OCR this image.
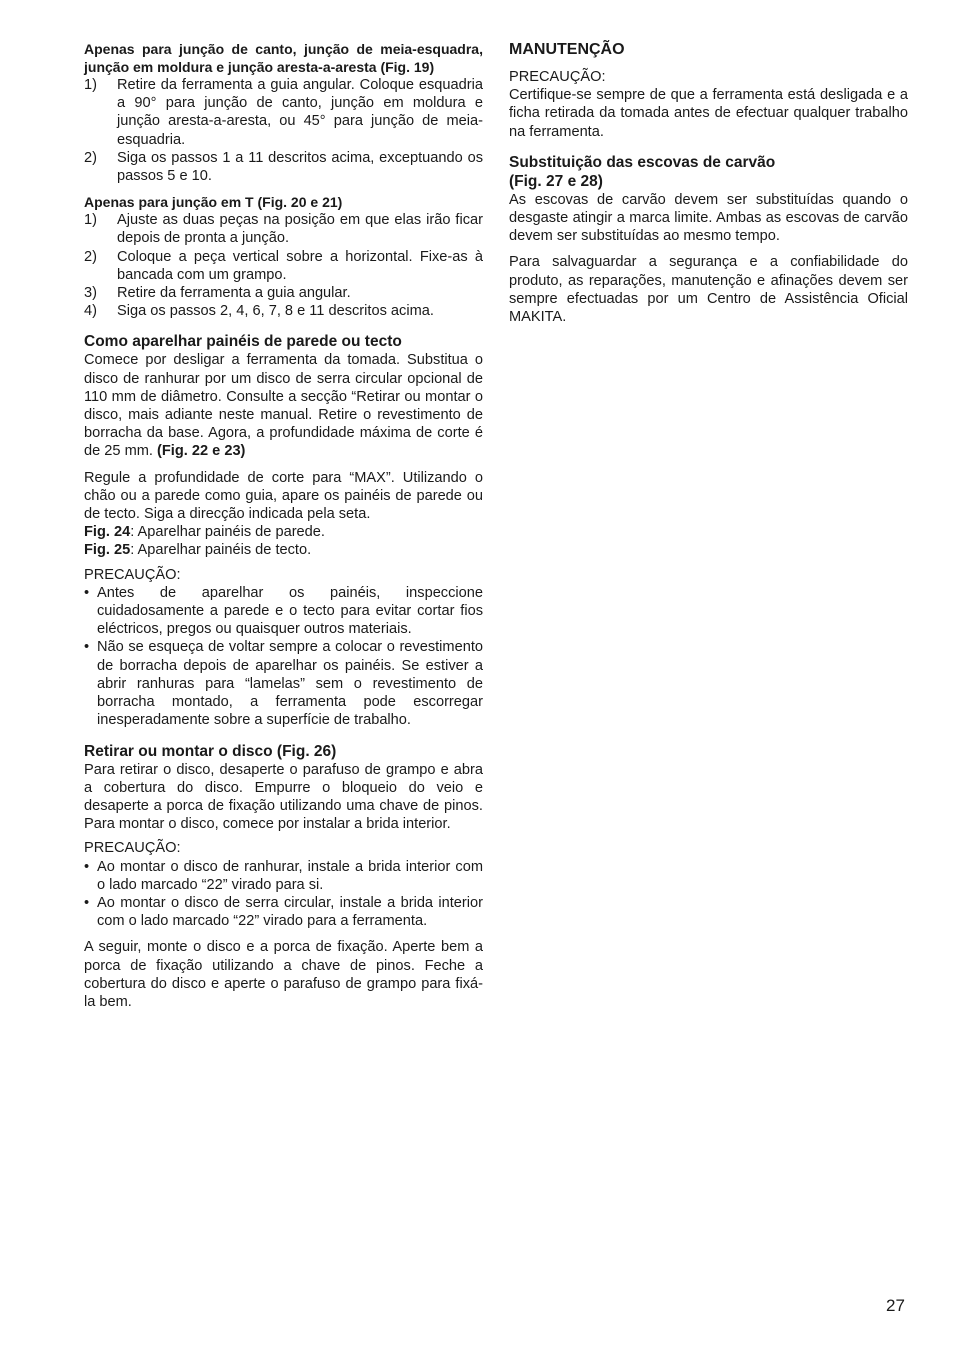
Apenas para junção de canto, junção de meia-esquadra, junção em moldura e junção aresta-a-aresta (Fig. 19)
1)	Retire da ferramenta a guia angular. Coloque esquadria a 90° para junção de canto, junção em moldura e junção aresta-a-aresta, ou 45° para junção de meia-esquadria.
2)	Siga os passos 1 a 11 descritos acima, exceptuando os passos 5 e 10.
Apenas para junção em T (Fig. 20 e 21)
1)	Ajuste as duas peças na posição em que elas irão ficar depois de pronta a junção.
2)	Coloque a peça vertical sobre a horizontal. Fixe-as à bancada com um grampo.
3)	Retire da ferramenta a guia angular.
4)	Siga os passos 2, 4, 6, 7, 8 e 11 descritos acima.
Como aparelhar painéis de parede ou tecto

Comece por desligar a ferramenta da tomada. Substitua o disco de ranhurar por um disco de serra circular opcional de 110 mm de diâmetro. Consulte a secção “Retirar ou montar o disco, mais adiante neste manual. Retire o revestimento de borracha da base. Agora, a profundidade máxima de corte é de 25 mm. (Fig. 22 e 23)

Regule a profundidade de corte para “MAX”. Utilizando o chão ou a parede como guia, apare os painéis de parede ou de tecto. Siga a direcção indicada pela seta.

Fig. 24: Aparelhar painéis de parede.

Fig. 25: Aparelhar painéis de tecto.

PRECAUÇÃO:

• Antes de aparelhar os painéis, inspeccione cuidadosamente a parede e o tecto para evitar cortar fios eléctricos, pregos ou quaisquer outros materiais.
• Não se esqueça de voltar sempre a colocar o revestimento de borracha depois de aparelhar os painéis. Se estiver a abrir ranhuras para “lamelas” sem o revestimento de borracha montado, a ferramenta pode escorregar inesperadamente sobre a superfície de trabalho.
Retirar ou montar o disco (Fig. 26)

Para retirar o disco, desaperte o parafuso de grampo e abra a cobertura do disco. Empurre o bloqueio do veio e desaperte a porca de fixação utilizando uma chave de pinos. Para montar o disco, comece por instalar a brida interior.

PRECAUÇÃO:

• Ao montar o disco de ranhurar, instale a brida interior com o lado marcado “22” virado para si.
• Ao montar o disco de serra circular, instale a brida interior com o lado marcado “22” virado para a ferramenta.

A seguir, monte o disco e a porca de fixação. Aperte bem a porca de fixação utilizando a chave de pinos. Feche a cobertura do disco e aperte o parafuso de grampo para fixá-la bem.

MANUTENÇÃO

PRECAUÇÃO:

Certifique-se sempre de que a ferramenta está desligada e a ficha retirada da tomada antes de efectuar qualquer trabalho na ferramenta.

Substituição das escovas de carvão
(Fig. 27 e 28)

As escovas de carvão devem ser substituídas quando o desgaste atingir a marca limite. Ambas as escovas de carvão devem ser substituídas ao mesmo tempo.

Para salvaguardar a segurança e a confiabilidade do produto, as reparações, manutenção e afinações devem ser sempre efectuadas por um Centro de Assistência Oficial MAKITA.

27
